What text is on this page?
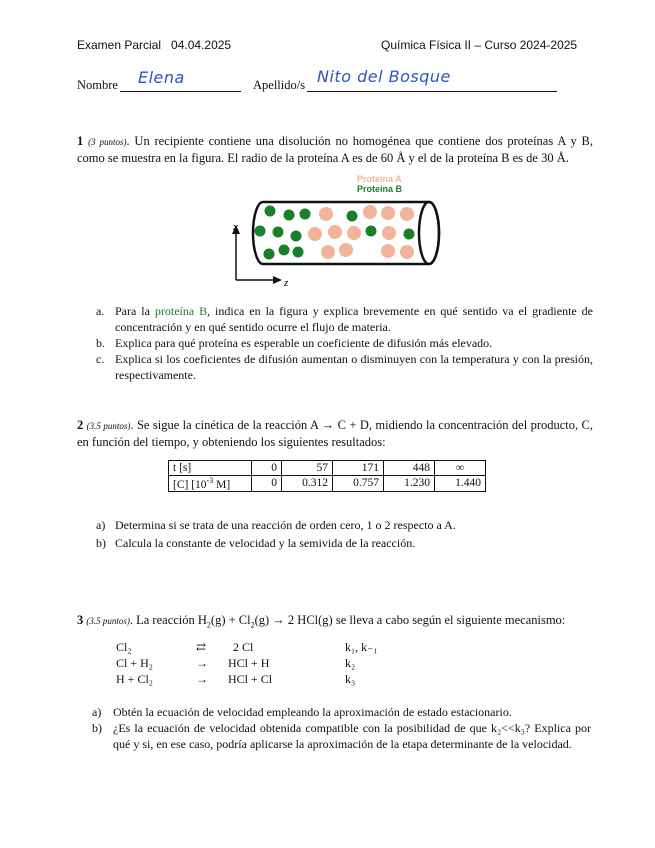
Examen Parcial   04.04.2025	Química Física II – Curso 2024-2025
Nombre Elena	Apellido/s Nito del Bosque
1 (3 puntos). Un recipiente contiene una disolución no homogénea que contiene dos proteínas A y B, como se muestra en la figura. El radio de la proteína A es de 60 Å y el de la proteína B es de 30 Å.
Proteína A
Proteína B
x
z
a. Para la proteína B, indica en la figura y explica brevemente en qué sentido va el gradiente de concentración y en qué sentido ocurre el flujo de materia.
b. Explica para qué proteína es esperable un coeficiente de difusión más elevado.
c. Explica si los coeficientes de difusión aumentan o disminuyen con la temperatura y con la presión, respectivamente.
2 (3.5 puntos). Se sigue la cinética de la reacción A → C + D, midiendo la concentración del producto, C, en función del tiempo, y obteniendo los siguientes resultados:
t [s]	0	57	171	448	∞
[C] [$10^{-3}$ M]	0	0.312	0.757	1.230	1.440
a) Determina si se trata de una reacción de orden cero, 1 o 2 respecto a A.
b) Calcula la constante de velocidad y la semivida de la reacción.
3 (3.5 puntos). La reacción $H_2(g) + Cl_2(g) \to 2$ HCl(g) se lleva a cabo según el siguiente mecanismo:
Cl₂	⇄ 2 Cl	k₁, k₋₁
Cl + H₂	→ HCl + H	k₂
H + Cl₂	→ HCl + Cl	k₃
a) Obtén la ecuación de velocidad empleando la aproximación de estado estacionario.
b) ¿Es la ecuación de velocidad obtenida compatible con la posibilidad de que k₂<<k₃? Explica por qué y si, en ese caso, podría aplicarse la aproximación de la etapa determinante de la velocidad.
